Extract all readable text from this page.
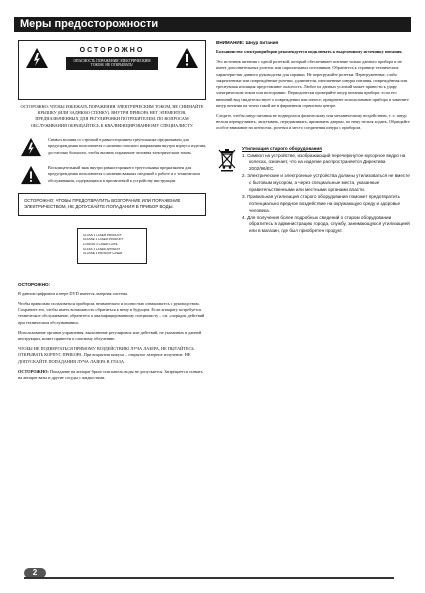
Меры предосторожности
ОСТОРОЖНО
ОПАСНОСТЬ ПОРАЖЕНИЯ ЭЛЕКТРИЧЕСКИМ ТОКОМ. НЕ ОТКРЫВАТЬ!
ОСТОРОЖНО: ЧТОБЫ ИЗБЕЖАТЬ ПОРАЖЕНИЯ ЭЛЕКТРИЧЕСКИМ ТОКОМ, НЕ СНИМАЙТЕ КРЫШКУ (ИЛИ ЗАДНЮЮ СТЕНКУ). ВНУТРИ ПРИБОРА НЕТ ЭЛЕМЕНТОВ, ПРЕДНАЗНАЧЕННЫХ ДЛЯ РЕГУЛИРОВКИ ПОТРЕБИТЕЛЕМ. ПО ВОПРОСАМ ОБСЛУЖИВАНИЯ ОБРАЩАЙТЕСЬ К КВАЛИФИЦИРОВАННОМУ СПЕЦИАЛИСТУ.
Символ молнии со стрелкой в равностороннем треугольнике предназначен для предупреждения пользователя о наличии опасного напряжения внутри корпуса изделия, достаточно большого, чтобы вызвать поражение человека электрическим током.
Восклицательный знак внутри равностороннего треугольника предназначен для предупреждения пользователя о наличии важных сведений о работе и о техническом обслуживании, содержащихся в прилагаемой к устройству инструкции.
ОСТОРОЖНО: ЧТОБЫ ПРЕДОТВРАТИТЬ ВОЗГОРАНИЕ ИЛИ ПОРАЖЕНИЕ ЭЛЕКТРИЧЕСТВОМ, НЕ ДОПУСКАЙТЕ ПОПАДАНИЯ В ПРИБОР ВОДЫ.
CLASS 1 LASER PRODUCT
KLASSE 1 LASER PRODUKT
LUOKAN 1 LASER LAITE
KLASS 1 LASER APPARAT
CLASSE 1 PRODUIT LASER
ОСТОРОЖНО:
В данном цифровом плеере DVD имеется лазерная система.
Чтобы правильно пользоваться прибором, внимательно и полностью ознакомьтесь с руководством. Сохраните его, чтобы иметь возможность обратиться к нему в будущем. Если аппарату потребуется техническое обслуживание, обратитесь к квалифицированному специалисту – см. «порядок действий при техническом обслуживании»
Использование органов управления, выполнение регулировок или действий, не указанных в данной инструкции, может привести к опасному облучению.
ЧТОБЫ НЕ ПОДВЕРГАТЬСЯ ПРЯМОМУ ВОЗДЕЙСТВИЮ ЛУЧА ЛАЗЕРА, НЕ ПЫТАЙТЕСЬ ОТКРЫВАТЬ КОРПУС ПРИБОРА. При вскрытии кожуха – открытое лазерное излучение. НЕ ДОПУСКАЙТЕ ПОПАДАНИЯ ЛУЧА ЛАЗЕРА В ГЛАЗА.
ОСТОРОЖНО: Попадание на аппарат брызг или капель воды не допускается. Запрещается ставить на аппарат вазы и другие сосуды с жидкостями.
ВНИМАНИЕ: Шнур питания
Большинство электроприборов рекомендуется подключать к выделенному источнику питания.
Это источник питания с одной розеткой, который обеспечивает питание только данного прибора и не имеет дополнительных розеток или параллельных источников. Обратитесь к странице технических характеристик данного руководства для справки. Не перегружайте розетки. Перегруженные, слабо закрепленные или повреждённые розетки, удлинители, изношенные шнуры питания, повреждённая или треснувшая изоляция представляют опасность. Любое из данных условий может привести к удару электрическим током или возгоранию. Периодически проверяйте шнур питания прибора: если его внешний вид свидетельствует о повреждении или износе, прекратите использование прибора и замените шнур питания на точно такой же в фирменном сервисном центре.
Следите, чтобы шнур питания не подвергался физическому или механическому воздействию, т. е. шнур нельзя перекручивать, запутывать, передавливать, прижимать дверью, по нему нельзя ходить. Обращайте особое внимание на штепсели, розетки и место соединения шнура с прибором.
Утилизация старого оборудования
1. Символ на устройстве, изображающий перечеркнутое мусорное ведро на колесах, означает, что на изделие распространяется Директива 2002/96/EC.
2. Электрические и электронные устройства должны утилизоваться не вместе с бытовым мусором, а через специальные места, указанные правительственными или местными органами власти.
3. Правильная утилизация старого оборудования поможет предотвратить потенциально вредное воздействие на окружающую среду и здоровье человека.
4. Для получения более подробных сведений о старом оборудовании обратитесь в администрацию города, службу, занимающуюся утилизацией или в магазин, где был приобретен продукт.
2
